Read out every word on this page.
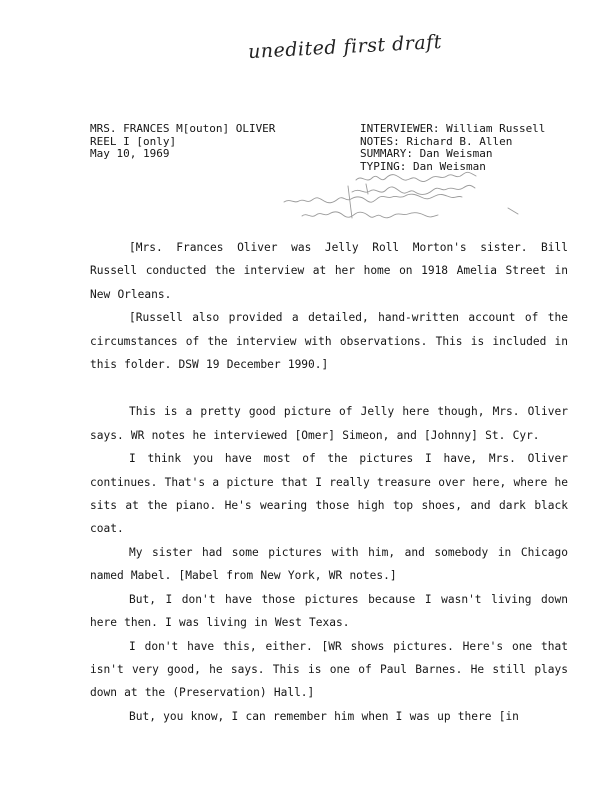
unedited first draft
MRS. FRANCES M[outon] OLIVER
REEL I [only]
May 10, 1969
INTERVIEWER: William Russell
NOTES: Richard B. Allen
SUMMARY: Dan Weisman
TYPING: Dan Weisman

[Mrs. Frances Oliver was Jelly Roll Morton's sister. Bill Russell conducted the interview at her home on 1918 Amelia Street in New Orleans.

[Russell also provided a detailed, hand-written account of the circumstances of the interview with observations. This is included in this folder. DSW 19 December 1990.]

This is a pretty good picture of Jelly here though, Mrs. Oliver says. WR notes he interviewed [Omer] Simeon, and [Johnny] St. Cyr.

I think you have most of the pictures I have, Mrs. Oliver continues. That's a picture that I really treasure over here, where he sits at the piano. He's wearing those high top shoes, and dark black coat.

My sister had some pictures with him, and somebody in Chicago named Mabel. [Mabel from New York, WR notes.]

But, I don't have those pictures because I wasn't living down here then. I was living in West Texas.

I don't have this, either. [WR shows pictures. Here's one that isn't very good, he says. This is one of Paul Barnes. He still plays down at the (Preservation) Hall.]

But, you know, I can remember him when I was up there [in
